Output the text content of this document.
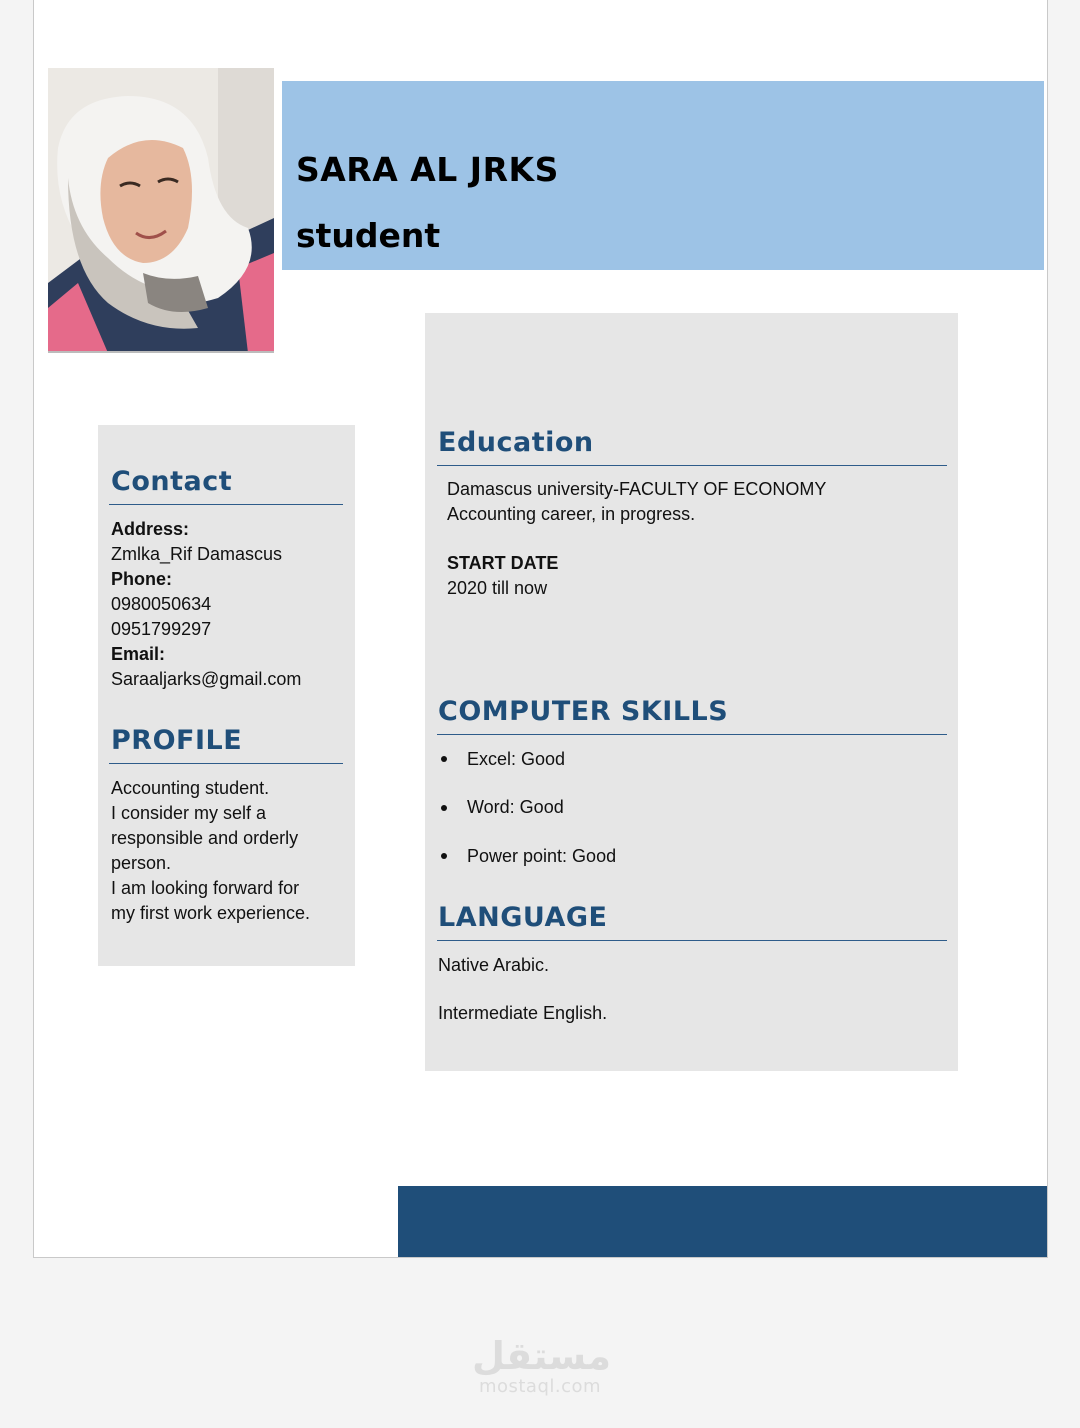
SARA AL JRKS
student
Contact
Address:
Zmlka_Rif Damascus
Phone:
0980050634
0951799297
Email:
Saraaljarks@gmail.com
PROFILE
Accounting student.
I consider my self a
responsible and orderly
person.
I am looking forward for
my first work experience.
Education
Damascus university-FACULTY OF ECONOMY
Accounting career, in progress.
START DATE
2020 till now
COMPUTER SKILLS
Excel: Good
Word: Good
Power point: Good
LANGUAGE
Native Arabic.
Intermediate English.
مستقل
mostaql.com
